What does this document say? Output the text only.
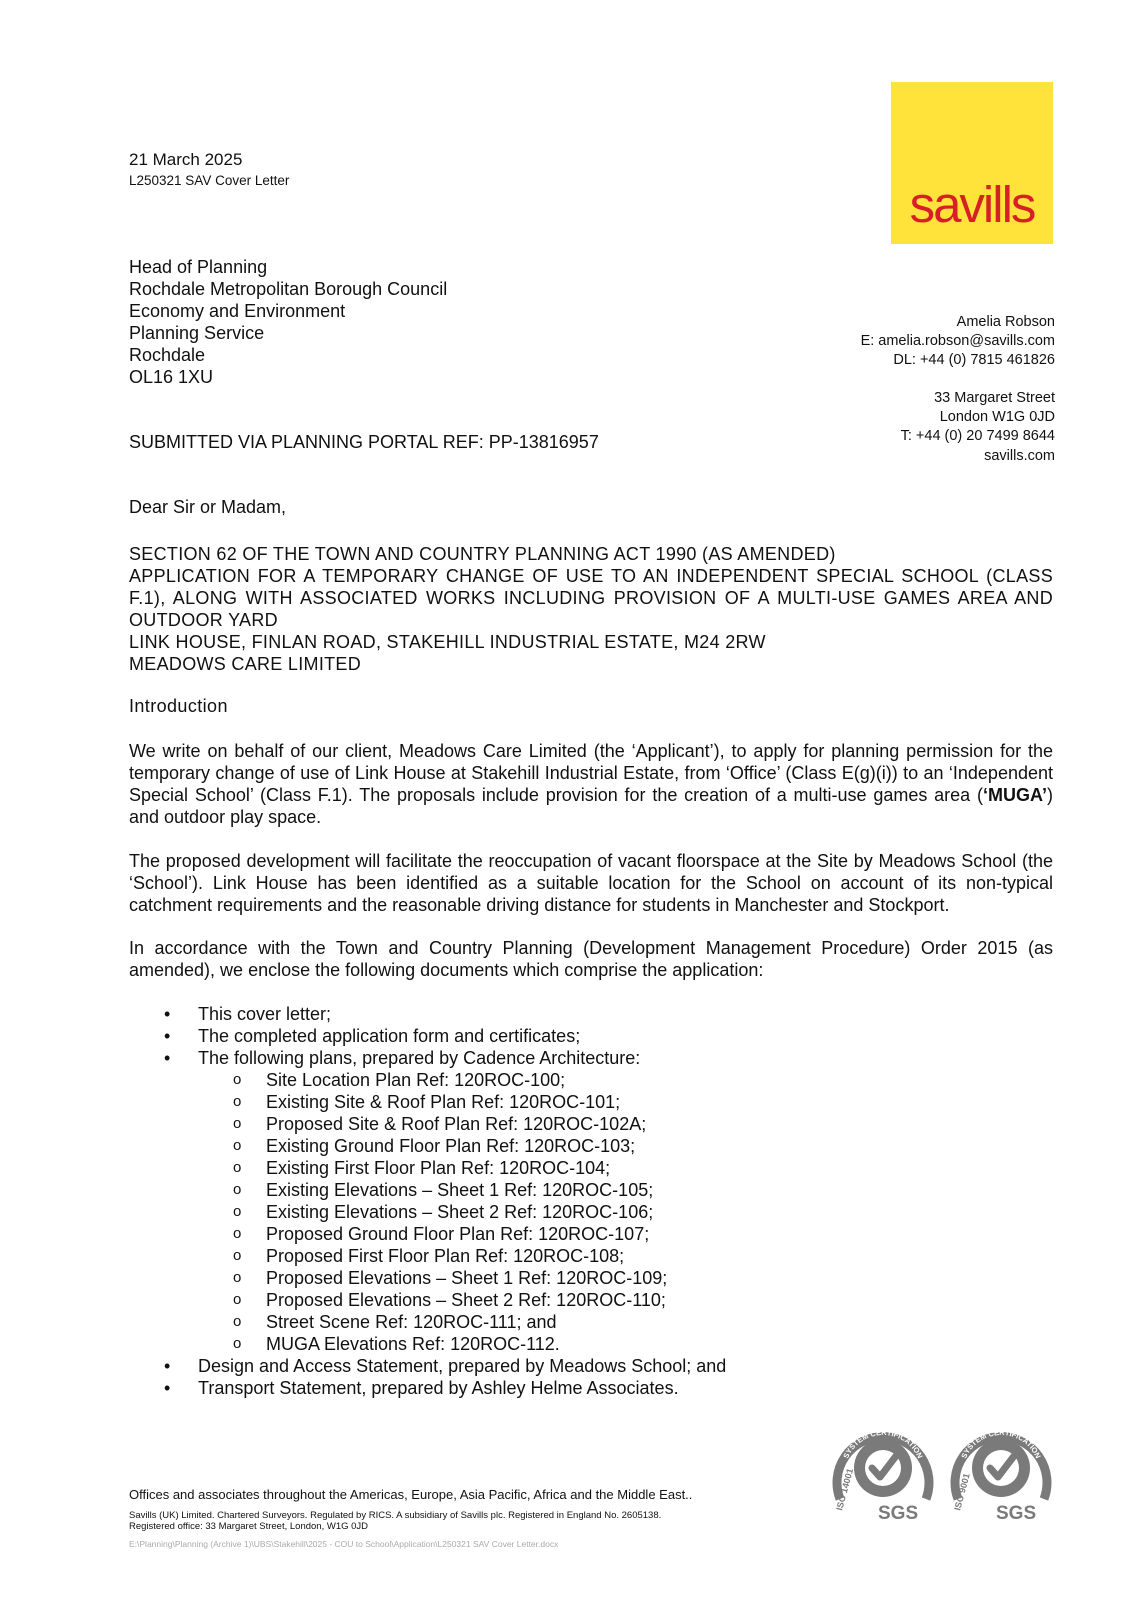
21 March 2025
L250321 SAV Cover Letter	savills
Head of Planning
Rochdale Metropolitan Borough Council
Economy and Environment
Planning Service
Rochdale
OL16 1XU
Amelia Robson
E: amelia.robson@savills.com
DL: +44 (0) 7815 461826
33 Margaret Street
London W1G 0JD
T: +44 (0) 20 7499 8644
savills.com
SUBMITTED VIA PLANNING PORTAL REF: PP-13816957
Dear Sir or Madam,
SECTION 62 OF THE TOWN AND COUNTRY PLANNING ACT 1990 (AS AMENDED)
APPLICATION FOR A TEMPORARY CHANGE OF USE TO AN INDEPENDENT SPECIAL SCHOOL (CLASS F.1), ALONG WITH ASSOCIATED WORKS INCLUDING PROVISION OF A MULTI-USE GAMES AREA AND OUTDOOR YARD
LINK HOUSE, FINLAN ROAD, STAKEHILL INDUSTRIAL ESTATE, M24 2RW
MEADOWS CARE LIMITED
Introduction
We write on behalf of our client, Meadows Care Limited (the ‘Applicant’), to apply for planning permission for the temporary change of use of Link House at Stakehill Industrial Estate, from ‘Office’ (Class E(g)(i)) to an ‘Independent Special School’ (Class F.1). The proposals include provision for the creation of a multi-use games area (‘MUGA’) and outdoor play space.
The proposed development will facilitate the reoccupation of vacant floorspace at the Site by Meadows School (the ‘School’). Link House has been identified as a suitable location for the School on account of its non-typical catchment requirements and the reasonable driving distance for students in Manchester and Stockport.
In accordance with the Town and Country Planning (Development Management Procedure) Order 2015 (as amended), we enclose the following documents which comprise the application:
• This cover letter;
• The completed application form and certificates;
• The following plans, prepared by Cadence Architecture:
o Site Location Plan Ref: 120ROC-100;
o Existing Site & Roof Plan Ref: 120ROC-101;
o Proposed Site & Roof Plan Ref: 120ROC-102A;
o Existing Ground Floor Plan Ref: 120ROC-103;
o Existing First Floor Plan Ref: 120ROC-104;
o Existing Elevations – Sheet 1 Ref: 120ROC-105;
o Existing Elevations – Sheet 2 Ref: 120ROC-106;
o Proposed Ground Floor Plan Ref: 120ROC-107;
o Proposed First Floor Plan Ref: 120ROC-108;
o Proposed Elevations – Sheet 1 Ref: 120ROC-109;
o Proposed Elevations – Sheet 2 Ref: 120ROC-110;
o Street Scene Ref: 120ROC-111; and
o MUGA Elevations Ref: 120ROC-112.
• Design and Access Statement, prepared by Meadows School; and
• Transport Statement, prepared by Ashley Helme Associates.
Offices and associates throughout the Americas, Europe, Asia Pacific, Africa and the Middle East..
Savills (UK) Limited. Chartered Surveyors. Regulated by RICS. A subsidiary of Savills plc. Registered in England No. 2605138.
Registered office: 33 Margaret Street, London, W1G 0JD
E:\Planning\Planning (Archive 1)\UBS\Stakehill\2025 - COU to School\Application\L250321 SAV Cover Letter.docx
SYSTEM CERTIFICATION
ISO 14001
SGS
SYSTEM CERTIFICATION
ISO 9001
SGS
